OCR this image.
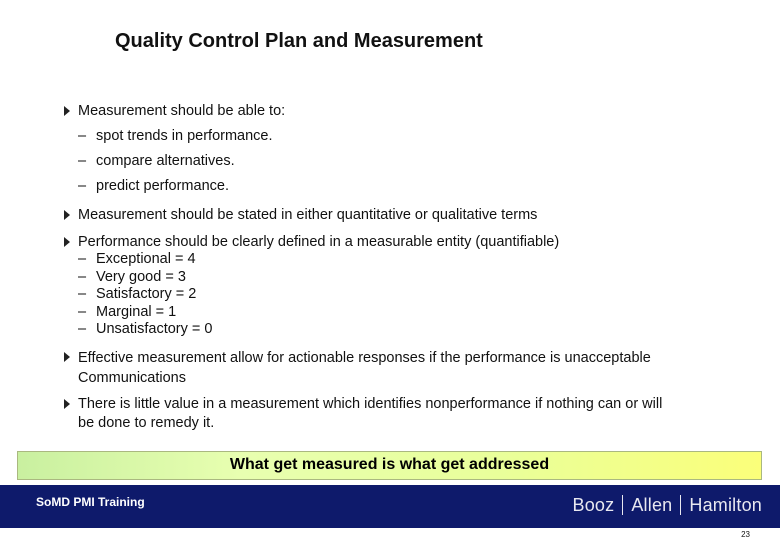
Quality Control Plan and Measurement
Measurement should be able to:
– spot trends in performance.
– compare alternatives.
– predict performance.
Measurement should be stated in either quantitative or qualitative terms
Performance should be clearly defined in a measurable entity (quantifiable)
– Exceptional = 4
– Very good = 3
– Satisfactory = 2
– Marginal = 1
– Unsatisfactory = 0
Effective measurement allow for actionable responses if the performance is unacceptable
Communications
There is little value in a measurement which identifies nonperformance if nothing can or will
be done to remedy it.
What get measured is what get addressed
SoMD PMI Training	Booz Allen Hamilton
23
